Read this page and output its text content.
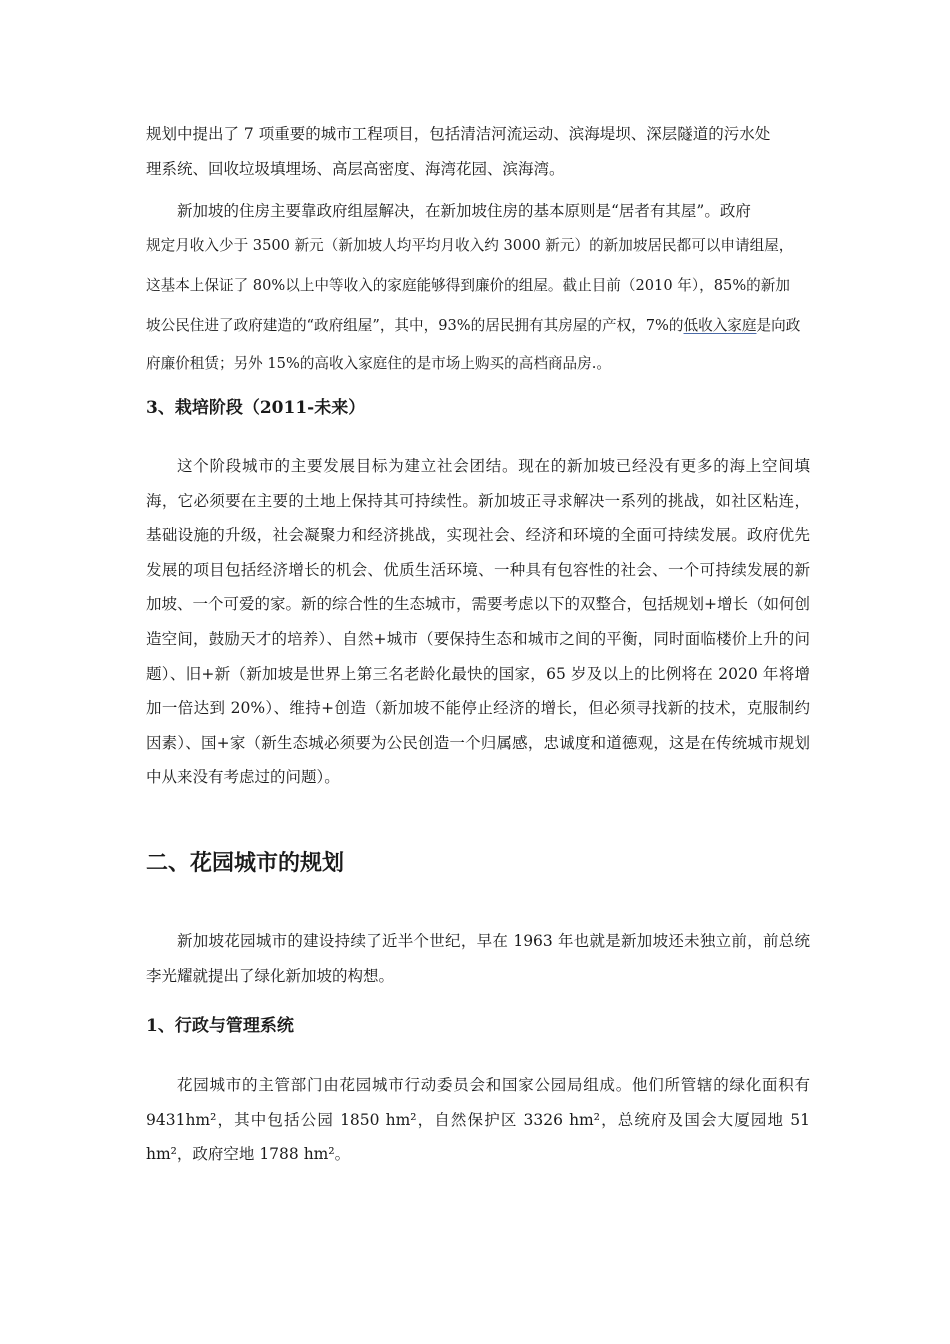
规划中提出了 7 项重要的城市工程项目，包括清洁河流运动、滨海堤坝、深层隧道的污水处

理系统、回收垃圾填埋场、高层高密度、海湾花园、滨海湾。

新加坡的住房主要靠政府组屋解决，在新加坡住房的基本原则是“居者有其屋”。政府

规定月收入少于 3500 新元（新加坡人均平均月收入约 3000 新元）的新加坡居民都可以申请组屋，

这基本上保证了 80%以上中等收入的家庭能够得到廉价的组屋。截止目前（2010 年），85%的新加

坡公民住进了政府建造的“政府组屋”，其中，93%的居民拥有其房屋的产权，7%的低收入家庭是向政

府廉价租赁；另外 15%的高收入家庭住的是市场上购买的高档商品房.。

3、栽培阶段（2011-未来）

这个阶段城市的主要发展目标为建立社会团结。现在的新加坡已经没有更多的海上空间填海，它必须要在主要的土地上保持其可持续性。新加坡正寻求解决一系列的挑战，如社区粘连，基础设施的升级，社会凝聚力和经济挑战，实现社会、经济和环境的全面可持续发展。政府优先发展的项目包括经济增长的机会、优质生活环境、一种具有包容性的社会、一个可持续发展的新加坡、一个可爱的家。新的综合性的生态城市，需要考虑以下的双整合，包括规划+增长（如何创造空间，鼓励天才的培养）、自然+城市（要保持生态和城市之间的平衡，同时面临楼价上升的问题）、旧+新（新加坡是世界上第三名老龄化最快的国家，65 岁及以上的比例将在 2020 年将增加一倍达到 20%）、维持+创造（新加坡不能停止经济的增长，但必须寻找新的技术，克服制约因素）、国+家（新生态城必须要为公民创造一个归属感，忠诚度和道德观，这是在传统城市规划中从来没有考虑过的问题）。

二、花园城市的规划

新加坡花园城市的建设持续了近半个世纪，早在 1963 年也就是新加坡还未独立前，前总统李光耀就提出了绿化新加坡的构想。

1、行政与管理系统

花园城市的主管部门由花园城市行动委员会和国家公园局组成。他们所管辖的绿化面积有 9431hm²，其中包括公园 1850 hm²，自然保护区 3326 hm²，总统府及国会大厦园地 51 hm²，政府空地 1788 hm²。
